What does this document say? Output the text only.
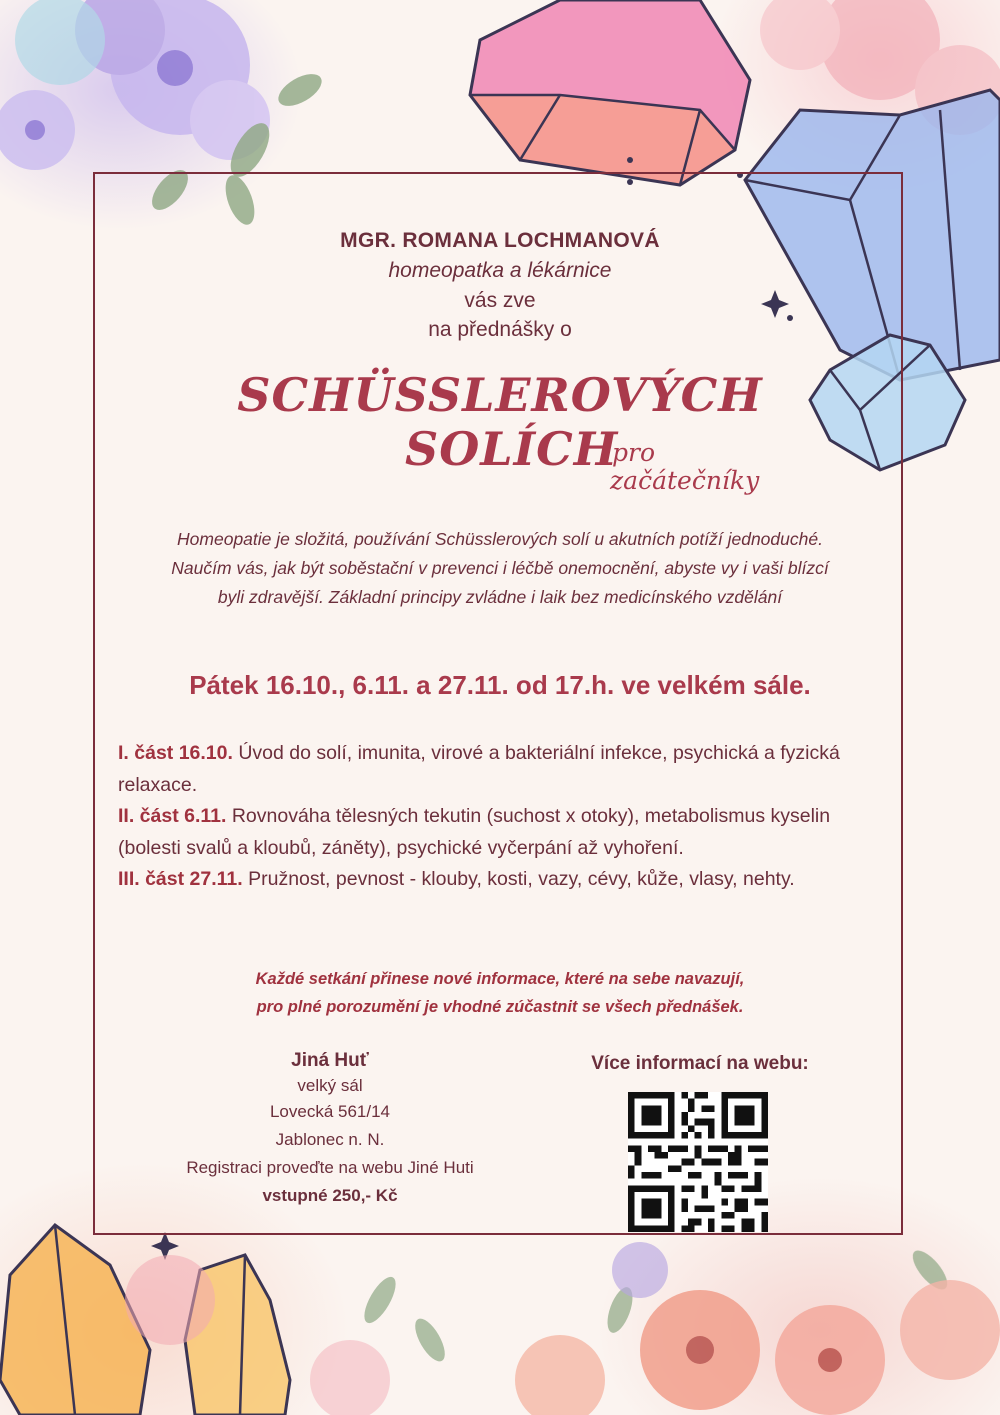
MGR. ROMANA LOCHMANOVÁ
homeopatka a lékárnice
vás zve
na přednášky o
SCHÜSSLEROVÝCH
SOLÍCH
pro
začátečníky
Homeopatie je složitá, používání Schüsslerových solí u akutních potíží jednoduché. Naučím vás, jak být soběstační v prevenci i léčbě onemocnění, abyste vy i vaši blízcí byli zdravější. Základní principy zvládne i laik bez medicínského vzdělání
Pátek 16.10., 6.11. a 27.11. od 17.h. ve velkém sále.

I. část 16.10. Úvod do solí, imunita, virové a bakteriální infekce, psychická a fyzická relaxace.

II. část 6.11. Rovnováha tělesných tekutin (suchost x otoky), metabolismus kyselin (bolesti svalů a kloubů, záněty), psychické vyčerpání až vyhoření.

III. část 27.11. Pružnost, pevnost - klouby, kosti, vazy, cévy, kůže, vlasy, nehty.

Každé setkání přinese nové informace, které na sebe navazují,
pro plné porozumění je vhodné zúčastnit se všech přednášek.
Jiná Huť
velký sál
Lovecká 561/14
Jablonec n. N.
Registraci proveďte na webu Jiné Huti
vstupné 250,- Kč
Více informací na webu:
